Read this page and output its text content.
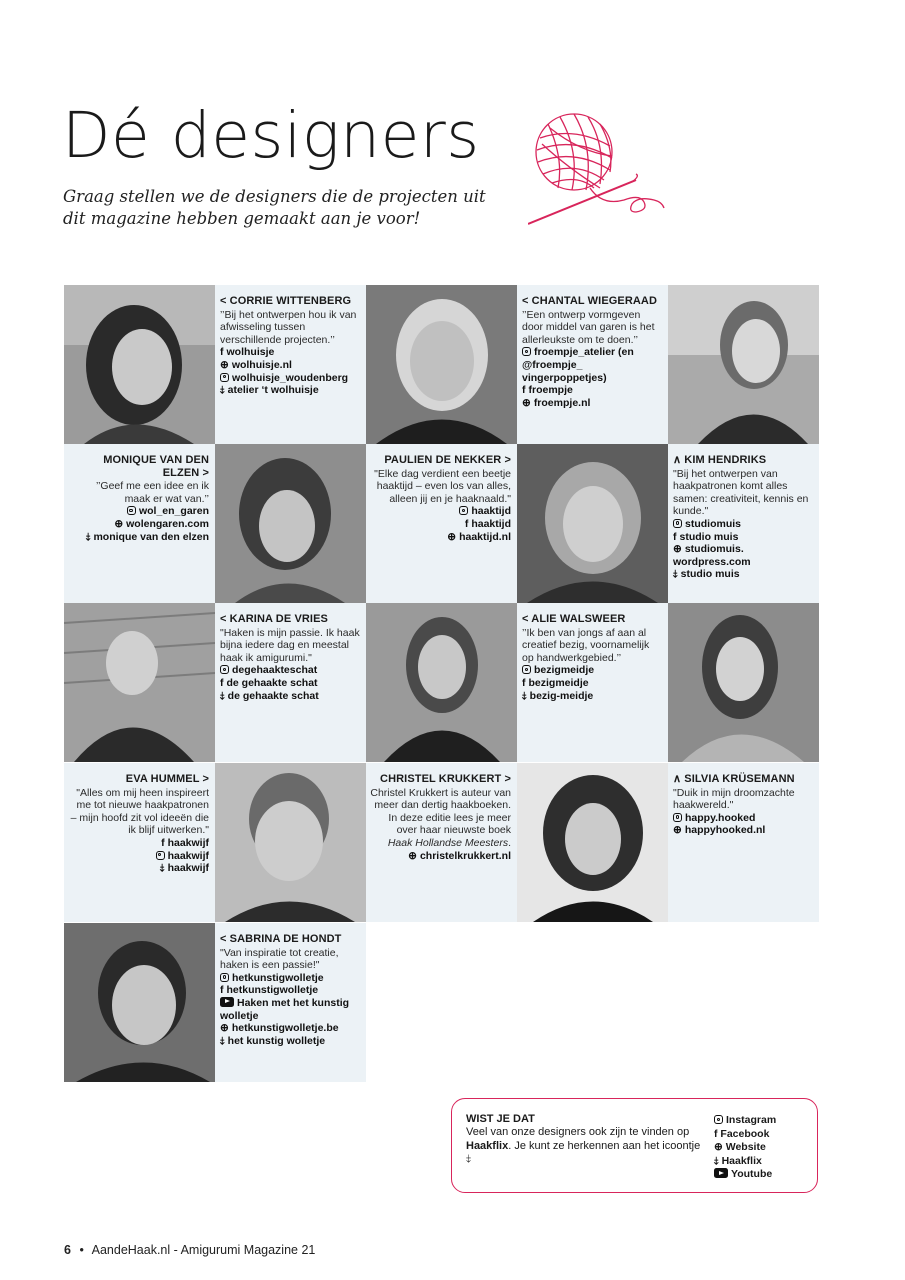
Dé designers

Graag stellen we de designers die de projecten uit dit magazine hebben gemaakt aan je voor!

< CORRIE WITTENBERG
’’Bij het ontwerpen hou ik van afwisseling tussen verschillende projecten.’’
f wolhuisje
⊕ wolhuisje.nl
wolhuisje_woudenberg
⤈ atelier ‘t wolhuisje
< CHANTAL WIEGERAAD
’’Een ontwerp vormgeven door middel van garen is het allerleukste om te doen.’’
froempje_atelier (en @froempje_ vingerpoppetjes)
f froempje
⊕ froempje.nl
MONIQUE VAN DEN ELZEN >
’’Geef me een idee en ik maak er wat van.’’
wol_en_garen
⊕ wolengaren.com
⤈ monique van den elzen
PAULIEN DE NEKKER >
"Elke dag verdient een beetje haaktijd – even los van alles, alleen jij en je haaknaald."
haaktijd
f haaktijd
⊕ haaktijd.nl
∧ KIM HENDRIKS
"Bij het ontwerpen van haakpatronen komt alles samen: creativiteit, kennis en kunde."
studiomuis
f studio muis
⊕ studiomuis. wordpress.com
⤈ studio muis
< KARINA DE VRIES
"Haken is mijn passie. Ik haak bijna iedere dag en meestal haak ik amigurumi."
degehaakteschat
f de gehaakte schat
⤈ de gehaakte schat
< ALIE WALSWEER
’’Ik ben van jongs af aan al creatief bezig, voornamelijk op handwerkgebied.’’
bezigmeidje
f bezigmeidje
⤈ bezig-meidje
EVA HUMMEL >
"Alles om mij heen inspireert me tot nieuwe haakpatronen – mijn hoofd zit vol ideeën die ik blijf uitwerken."
f haakwijf
haakwijf
⤈ haakwijf
CHRISTEL KRUKKERT >
Christel Krukkert is auteur van meer dan dertig haakboeken. In deze editie lees je meer over haar nieuwste boek Haak Hollandse Meesters.
⊕ christelkrukkert.nl
∧ SILVIA KRÜSEMANN
"Duik in mijn droomzachte haakwereld."
happy.hooked
⊕ happyhooked.nl
< SABRINA DE HONDT
"Van inspiratie tot creatie, haken is een passie!"
hetkunstigwolletje
f hetkunstigwolletje
Haken met het kunstig wolletje
⊕ hetkunstigwolletje.be
⤈ het kunstig wolletje
WIST JE DAT
Veel van onze designers ook zijn te vinden op Haakflix. Je kunt ze herkennen aan het icoontje ⤈
Instagram
f Facebook
⊕ Website
⤈ Haakflix
Youtube
6 • AandeHaak.nl - Amigurumi Magazine 21
